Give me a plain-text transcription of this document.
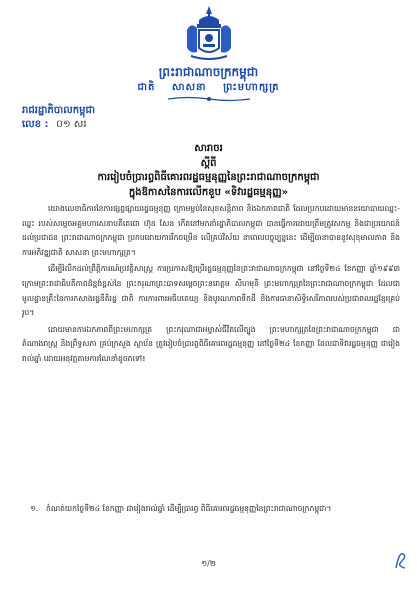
ព្រះរាជាណាចក្រកម្ពុជា
ជាតិ សាសនា ព្រះមហាក្សត្រ
រាជរដ្ឋាភិបាលកម្ពុជា
លេខ : ០១ សរ
សារាចរ
ស្តីពី
ការរៀបចំប្រារព្ធពិធីគោរពរដ្ឋធម្មនុញ្ញនៃព្រះរាជាណាចក្រកម្ពុជា
ក្នុងឱកាសនៃការលើកខួប «ទិវារដ្ឋធម្មនុញ្ញ»

យោងលេខាធិការនៃការផ្សព្វផ្សាយរដ្ឋធម្មនុញ្ញ ក្រោមម្លប់នៃសុខសន្តិភាព និងឯកភាពជាតិ ដែលប្រកបដោយមាននយោបាយឈ្នះ-ឈ្នះ របស់សម្តេចអគ្គមហាសេនាបតីតេជោ ហ៊ុន សែន កើតនៅមកនាំរដ្ឋាភិបាលកម្ពុជា បានធ្វើការដោយត្រឹមត្រូវសកម្ម និងជាប្រយោជន៍ដល់ប្រជាជន ព្រះរាជាណាចក្រកម្ពុជា ប្រកបដោយការរីកចម្រើន លើគ្រប់វិស័យ នាពេលបច្ចុប្បន្ននេះ ដើម្បីធានាបាននូវសុខុមាលភាព និងការអភិវឌ្ឍជាតិ សាសនា ព្រះមហាក្សត្រ។

ដើម្បីរំលឹកដល់ព្រឹត្តិការណ៍ប្រវត្តិសាស្ត្រ ការប្រកាសឱ្យប្រើរដ្ឋធម្មនុញ្ញនៃព្រះរាជាណាចក្រកម្ពុជា នៅថ្ងៃទី២៤ ខែកញ្ញា ឆ្នាំ១៩៩៣ ក្រោមព្រះរាជាធិបតីភាពដ៏ខ្ពង់ខ្ពស់នៃ ព្រះករុណាព្រះបាទសម្តេចព្រះនរោត្តម សីហមុនី ព្រះមហាក្សត្រនៃព្រះរាជាណាចក្រកម្ពុជា ដែលជាមូលដ្ឋានគ្រឹះនៃការកសាងរដ្ឋនីតិរដ្ឋ ជាតិ ការការពារអធិបតេយ្យ និងបូរណភាពទឹកដី និងការធានាសិទ្ធិសេរីភាពរបស់ប្រជាពលរដ្ឋខ្មែរគ្រប់រូប។

ដោយមានការឯកភាពពីព្រះមហាក្សត្រ ព្រះករុណាជាអម្ចាស់ជីវិតលើត្បូង ព្រះមហាក្សត្រនៃព្រះរាជាណាចក្រកម្ពុជា ជាតំណាងរាស្ត្រ និងព្រឹទ្ធសភា គ្រប់ក្រសួង ស្ថាប័ន ត្រូវរៀបចំប្រារព្ធពិធីគោរពរដ្ឋធម្មនុញ្ញ នៅថ្ងៃទី២៤ ខែកញ្ញា ដែលជាទិវារដ្ឋធម្មនុញ្ញ ជារៀងរាល់ឆ្នាំ ដោយអនុវត្តតាមការណែនាំដូចតទៅ៖

១. កំណត់យកថ្ងៃទី២៤ ខែកញ្ញា ជារៀងរាល់ឆ្នាំ ដើម្បីប្រារព្ធ ពិធីគោរពរដ្ឋធម្មនុញ្ញនៃព្រះរាជាណាចក្រកម្ពុជា។
១/២
